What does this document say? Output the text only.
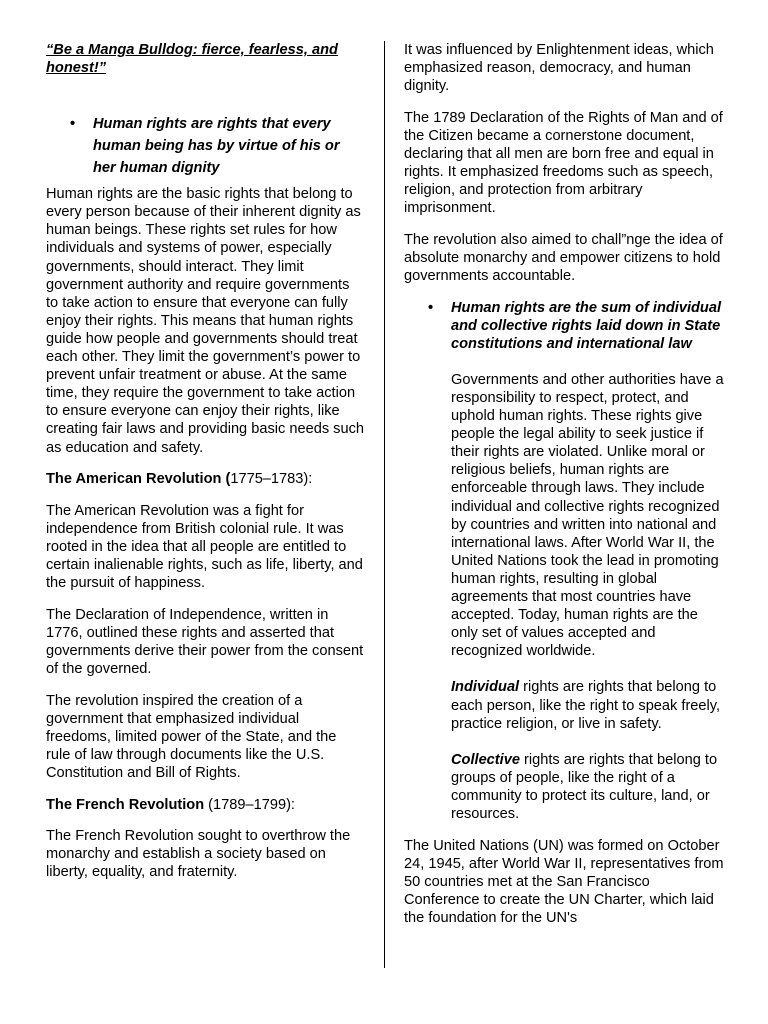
“Be a Manga Bulldog: fierce, fearless, and honest!”

• Human rights are rights that every human being has by virtue of his or her human dignity

Human rights are the basic rights that belong to every person because of their inherent dignity as human beings. These rights set rules for how individuals and systems of power, especially governments, should interact. They limit government authority and require governments to take action to ensure that everyone can fully enjoy their rights. This means that human rights guide how people and governments should treat each other. They limit the government’s power to prevent unfair treatment or abuse. At the same time, they require the government to take action to ensure everyone can enjoy their rights, like creating fair laws and providing basic needs such as education and safety.

The American Revolution (1775–1783):

The American Revolution was a fight for independence from British colonial rule. It was rooted in the idea that all people are entitled to certain inalienable rights, such as life, liberty, and the pursuit of happiness.

The Declaration of Independence, written in 1776, outlined these rights and asserted that governments derive their power from the consent of the governed.

The revolution inspired the creation of a government that emphasized individual freedoms, limited power of the State, and the rule of law through documents like the U.S. Constitution and Bill of Rights.

The French Revolution (1789–1799):

The French Revolution sought to overthrow the monarchy and establish a society based on liberty, equality, and fraternity.

It was influenced by Enlightenment ideas, which emphasized reason, democracy, and human dignity.

The 1789 Declaration of the Rights of Man and of the Citizen became a cornerstone document, declaring that all men are born free and equal in rights. It emphasized freedoms such as speech, religion, and protection from arbitrary imprisonment.

The revolution also aimed to chall”nge the idea of absolute monarchy and empower citizens to hold governments accountable.

• Human rights are the sum of individual and collective rights laid down in State constitutions and international law

Governments and other authorities have a responsibility to respect, protect, and uphold human rights. These rights give people the legal ability to seek justice if their rights are violated. Unlike moral or religious beliefs, human rights are enforceable through laws. They include individual and collective rights recognized by countries and written into national and international laws. After World War II, the United Nations took the lead in promoting human rights, resulting in global agreements that most countries have accepted. Today, human rights are the only set of values accepted and recognized worldwide.

Individual rights are rights that belong to each person, like the right to speak freely, practice religion, or live in safety.

Collective rights are rights that belong to groups of people, like the right of a community to protect its culture, land, or resources.

The United Nations (UN) was formed on October 24, 1945, after World War II, representatives from 50 countries met at the San Francisco Conference to create the UN Charter, which laid the foundation for the UN's
